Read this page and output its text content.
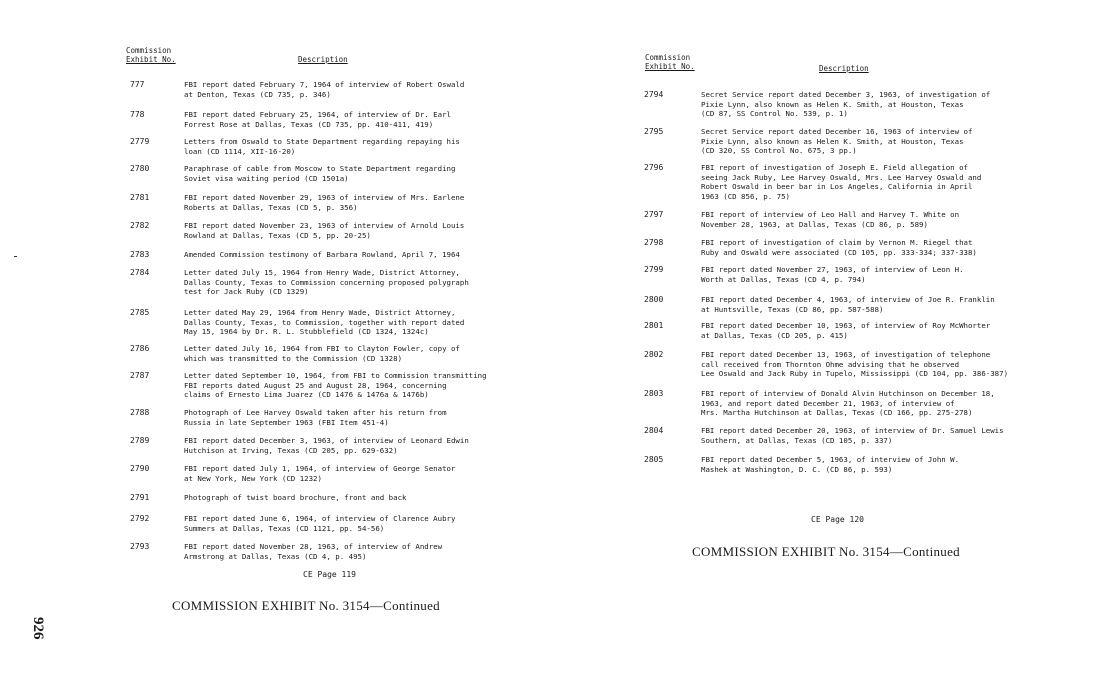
Commission
Exhibit No.	Description
777	FBI report dated February 7, 1964 of interview of Robert Oswald
at Denton, Texas (CD 735, p. 346)
778	FBI report dated February 25, 1964, of interview of Dr. Earl
Forrest Rose at Dallas, Texas (CD 735, pp. 410-411, 419)
2779	Letters from Oswald to State Department regarding repaying his
loan (CD 1114, XII-16-20)
2780	Paraphrase of cable from Moscow to State Department regarding
Soviet visa waiting period (CD 1501a)
2781	FBI report dated November 29, 1963 of interview of Mrs. Earlene
Roberts at Dallas, Texas (CD 5, p. 356)
2782	FBI report dated November 23, 1963 of interview of Arnold Louis
Rowland at Dallas, Texas (CD 5, pp. 20-25)
2783	Amended Commission testimony of Barbara Rowland, April 7, 1964
2784	Letter dated July 15, 1964 from Henry Wade, District Attorney,
Dallas County, Texas to Commission concerning proposed polygraph
test for Jack Ruby (CD 1329)
2785	Letter dated May 29, 1964 from Henry Wade, District Attorney,
Dallas County, Texas, to Commission, together with report dated
May 15, 1964 by Dr. R. L. Stubblefield (CD 1324, 1324c)
2786	Letter dated July 16, 1964 from FBI to Clayton Fowler, copy of
which was transmitted to the Commission (CD 1328)
2787	Letter dated September 10, 1964, from FBI to Commission transmitting
FBI reports dated August 25 and August 28, 1964, concerning
claims of Ernesto Lima Juarez (CD 1476 & 1476a & 1476b)
2788	Photograph of Lee Harvey Oswald taken after his return from
Russia in late September 1963 (FBI Item 451-4)
2789	FBI report dated December 3, 1963, of interview of Leonard Edwin
Hutchison at Irving, Texas (CD 205, pp. 629-632)
2790	FBI report dated July 1, 1964, of interview of George Senator
at New York, New York (CD 1232)
2791	Photograph of twist board brochure, front and back
2792	FBI report dated June 6, 1964, of interview of Clarence Aubry
Summers at Dallas, Texas (CD 1121, pp. 54-56)
2793	FBI report dated November 28, 1963, of interview of Andrew
Armstrong at Dallas, Texas (CD 4, p. 495)
CE Page 119
COMMISSION EXHIBIT No. 3154—Continued
926
Commission
Exhibit No.	Description
2794	Secret Service report dated December 3, 1963, of investigation of
Pixie Lynn, also known as Helen K. Smith, at Houston, Texas
(CD 87, SS Control No. 539, p. 1)
2795	Secret Service report dated December 16, 1963 of interview of
Pixie Lynn, also known as Helen K. Smith, at Houston, Texas
(CD 320, SS Control No. 675, 3 pp.)
2796	FBI report of investigation of Joseph E. Field allegation of
seeing Jack Ruby, Lee Harvey Oswald, Mrs. Lee Harvey Oswald and
Robert Oswald in beer bar in Los Angeles, California in April
1963 (CD 856, p. 75)
2797	FBI report of interview of Leo Hall and Harvey T. White on
November 28, 1963, at Dallas, Texas (CD 86, p. 589)
2798	FBI report of investigation of claim by Vernon M. Riegel that
Ruby and Oswald were associated (CD 105, pp. 333-334; 337-338)
2799	FBI report dated November 27, 1963, of interview of Leon H.
Worth at Dallas, Texas (CD 4, p. 794)
2800	FBI report dated December 4, 1963, of interview of Joe R. Franklin
at Huntsville, Texas (CD 86, pp. 587-588)
2801	FBI report dated December 10, 1963, of interview of Roy McWhorter
at Dallas, Texas (CD 205, p. 415)
2802	FBI report dated December 13, 1963, of investigation of telephone
call received from Thornton Ohme advising that he observed
Lee Oswald and Jack Ruby in Tupelo, Mississippi (CD 104, pp. 386-387)
2803	FBI report of interview of Donald Alvin Hutchinson on December 18,
1963, and report dated December 21, 1963, of interview of
Mrs. Martha Hutchinson at Dallas, Texas (CD 166, pp. 275-278)
2804	FBI report dated December 20, 1963, of interview of Dr. Samuel Lewis
Southern, at Dallas, Texas (CD 105, p. 337)
2805	FBI report dated December 5, 1963, of interview of John W.
Mashek at Washington, D. C. (CD 86, p. 593)
CE Page 120
COMMISSION EXHIBIT No. 3154—Continued
